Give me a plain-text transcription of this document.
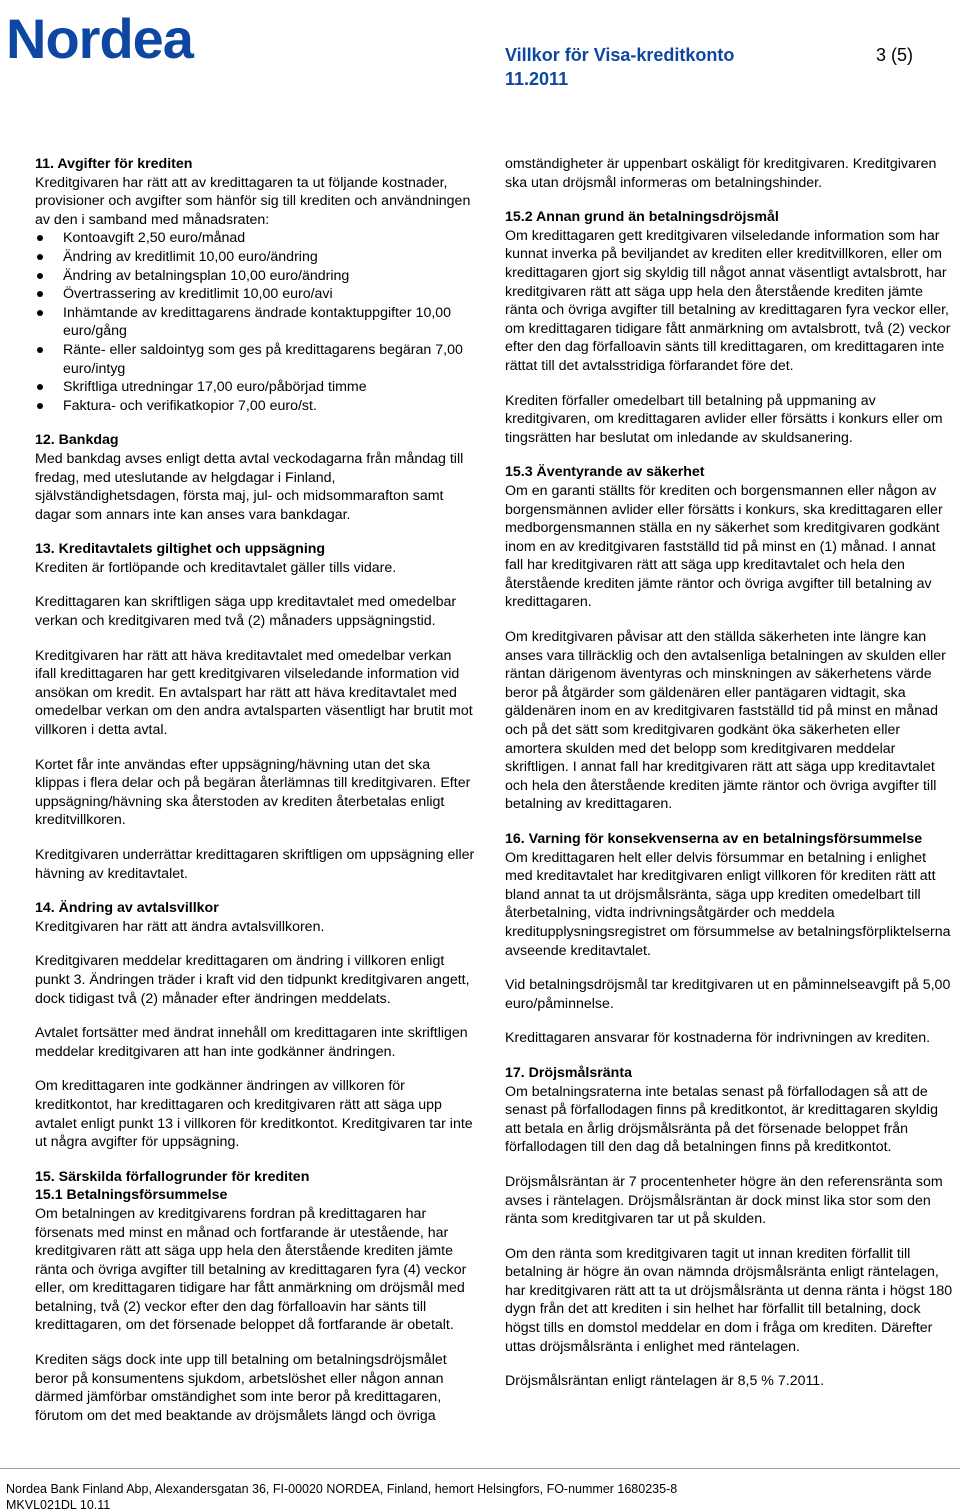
Nordea	Villkor för Visa-kreditkonto
11.2011
3 (5)

11. Avgifter för krediten
Kreditgivaren har rätt att av kredittagaren ta ut följande kostnader, provisioner och avgifter som hänför sig till krediten och användningen av den i samband med månadsraten:

Kontoavgift 2,50 euro/månad
Ändring av kreditlimit 10,00 euro/ändring
Ändring av betalningsplan 10,00 euro/ändring
Övertrassering av kreditlimit 10,00 euro/avi
Inhämtande av kredittagarens ändrade kontaktuppgifter 10,00 euro/gång
Ränte- eller saldointyg som ges på kredittagarens begäran 7,00 euro/intyg
Skriftliga utredningar 17,00 euro/påbörjad timme
Faktura- och verifikatkopior 7,00 euro/st.

12. Bankdag
Med bankdag avses enligt detta avtal veckodagarna från måndag till fredag, med uteslutande av helgdagar i Finland, självständighetsdagen, första maj, jul- och midsommarafton samt dagar som annars inte kan anses vara bankdagar.

13. Kreditavtalets giltighet och uppsägning
Krediten är fortlöpande och kreditavtalet gäller tills vidare.

Kredittagaren kan skriftligen säga upp kreditavtalet med omedelbar verkan och kreditgivaren med två (2) månaders uppsägningstid.

Kreditgivaren har rätt att häva kreditavtalet med omedelbar verkan ifall kredittagaren har gett kreditgivaren vilseledande information vid ansökan om kredit. En avtalspart har rätt att häva kreditavtalet med omedelbar verkan om den andra avtalsparten väsentligt har brutit mot villkoren i detta avtal.

Kortet får inte användas efter uppsägning/hävning utan det ska klippas i flera delar och på begäran återlämnas till kreditgivaren. Efter uppsägning/hävning ska återstoden av krediten återbetalas enligt kreditvillkoren.

Kreditgivaren underrättar kredittagaren skriftligen om uppsägning eller hävning av kreditavtalet.

14. Ändring av avtalsvillkor
Kreditgivaren har rätt att ändra avtalsvillkoren.

Kreditgivaren meddelar kredittagaren om ändring i villkoren enligt punkt 3. Ändringen träder i kraft vid den tidpunkt kreditgivaren angett, dock tidigast två (2) månader efter ändringen meddelats.

Avtalet fortsätter med ändrat innehåll om kredittagaren inte skriftligen meddelar kreditgivaren att han inte godkänner ändringen.

Om kredittagaren inte godkänner ändringen av villkoren för kreditkontot, har kredittagaren och kreditgivaren rätt att säga upp avtalet enligt punkt 13 i villkoren för kreditkontot. Kreditgivaren tar inte ut några avgifter för uppsägning.

15. Särskilda förfallogrunder för krediten
15.1 Betalningsförsummelse
Om betalningen av kreditgivarens fordran på kredittagaren har försenats med minst en månad och fortfarande är utestående, har kreditgivaren rätt att säga upp hela den återstående krediten jämte ränta och övriga avgifter till betalning av kredittagaren fyra (4) veckor eller, om kredittagaren tidigare har fått anmärkning om dröjsmål med betalning, två (2) veckor efter den dag förfalloavin har sänts till kredittagaren, om det försenade beloppet då fortfarande är obetalt.

Krediten sägs dock inte upp till betalning om betalningsdröjsmålet beror på konsumentens sjukdom, arbetslöshet eller någon annan därmed jämförbar omständighet som inte beror på kredittagaren, förutom om det med beaktande av dröjsmålets längd och övriga

omständigheter är uppenbart oskäligt för kreditgivaren. Kreditgivaren ska utan dröjsmål informeras om betalningshinder.

15.2 Annan grund än betalningsdröjsmål
Om kredittagaren gett kreditgivaren vilseledande information som har kunnat inverka på beviljandet av krediten eller kreditvillkoren, eller om kredittagaren gjort sig skyldig till något annat väsentligt avtalsbrott, har kreditgivaren rätt att säga upp hela den återstående krediten jämte ränta och övriga avgifter till betalning av kredittagaren fyra veckor eller, om kredittagaren tidigare fått anmärkning om avtalsbrott, två (2) veckor efter den dag förfalloavin sänts till kredittagaren, om kredittagaren inte rättat till det avtalsstridiga förfarandet före det.

Krediten förfaller omedelbart till betalning på uppmaning av kreditgivaren, om kredittagaren avlider eller försätts i konkurs eller om tingsrätten har beslutat om inledande av skuldsanering.

15.3 Äventyrande av säkerhet
Om en garanti ställts för krediten och borgensmannen eller någon av borgensmännen avlider eller försätts i konkurs, ska kredittagaren eller medborgensmannen ställa en ny säkerhet som kreditgivaren godkänt inom en av kreditgivaren fastställd tid på minst en (1) månad. I annat fall har kreditgivaren rätt att säga upp kreditavtalet och hela den återstående krediten jämte räntor och övriga avgifter till betalning av kredittagaren.

Om kreditgivaren påvisar att den ställda säkerheten inte längre kan anses vara tillräcklig och den avtalsenliga betalningen av skulden eller räntan därigenom äventyras och minskningen av säkerhetens värde beror på åtgärder som gäldenären eller pantägaren vidtagit, ska gäldenären inom en av kreditgivaren fastställd tid på minst en månad och på det sätt som kreditgivaren godkänt öka säkerheten eller amortera skulden med det belopp som kreditgivaren meddelar skriftligen. I annat fall har kreditgivaren rätt att säga upp kreditavtalet och hela den återstående krediten jämte räntor och övriga avgifter till betalning av kredittagaren.

16. Varning för konsekvenserna av en betalningsförsummelse
Om kredittagaren helt eller delvis försummar en betalning i enlighet med kreditavtalet har kreditgivaren enligt villkoren för krediten rätt att bland annat ta ut dröjsmålsränta, säga upp krediten omedelbart till återbetalning, vidta indrivningsåtgärder och meddela kreditupplysningsregistret om försummelse av betalningsförpliktelserna avseende kreditavtalet.

Vid betalningsdröjsmål tar kreditgivaren ut en påminnelseavgift på 5,00 euro/påminnelse.

Kredittagaren ansvarar för kostnaderna för indrivningen av krediten.

17. Dröjsmålsränta
Om betalningsraterna inte betalas senast på förfallodagen så att de senast på förfallodagen finns på kreditkontot, är kredittagaren skyldig att betala en årlig dröjsmålsränta på det försenade beloppet från förfallodagen till den dag då betalningen finns på kreditkontot.

Dröjsmålsräntan är 7 procentenheter högre än den referensränta som avses i räntelagen. Dröjsmålsräntan är dock minst lika stor som den ränta som kreditgivaren tar ut på skulden.

Om den ränta som kreditgivaren tagit ut innan krediten förfallit till betalning är högre än ovan nämnda dröjsmålsränta enligt räntelagen, har kreditgivaren rätt att ta ut dröjsmålsränta ut denna ränta i högst 180 dygn från det att krediten i sin helhet har förfallit till betalning, dock högst tills en domstol meddelar en dom i fråga om krediten. Därefter uttas dröjsmålsränta i enlighet med räntelagen.

Dröjsmålsräntan enligt räntelagen är 8,5 % 7.2011.

Nordea Bank Finland Abp, Alexandersgatan 36, FI-00020 NORDEA, Finland, hemort Helsingfors, FO-nummer 1680235-8
MKVL021DL 10.11
